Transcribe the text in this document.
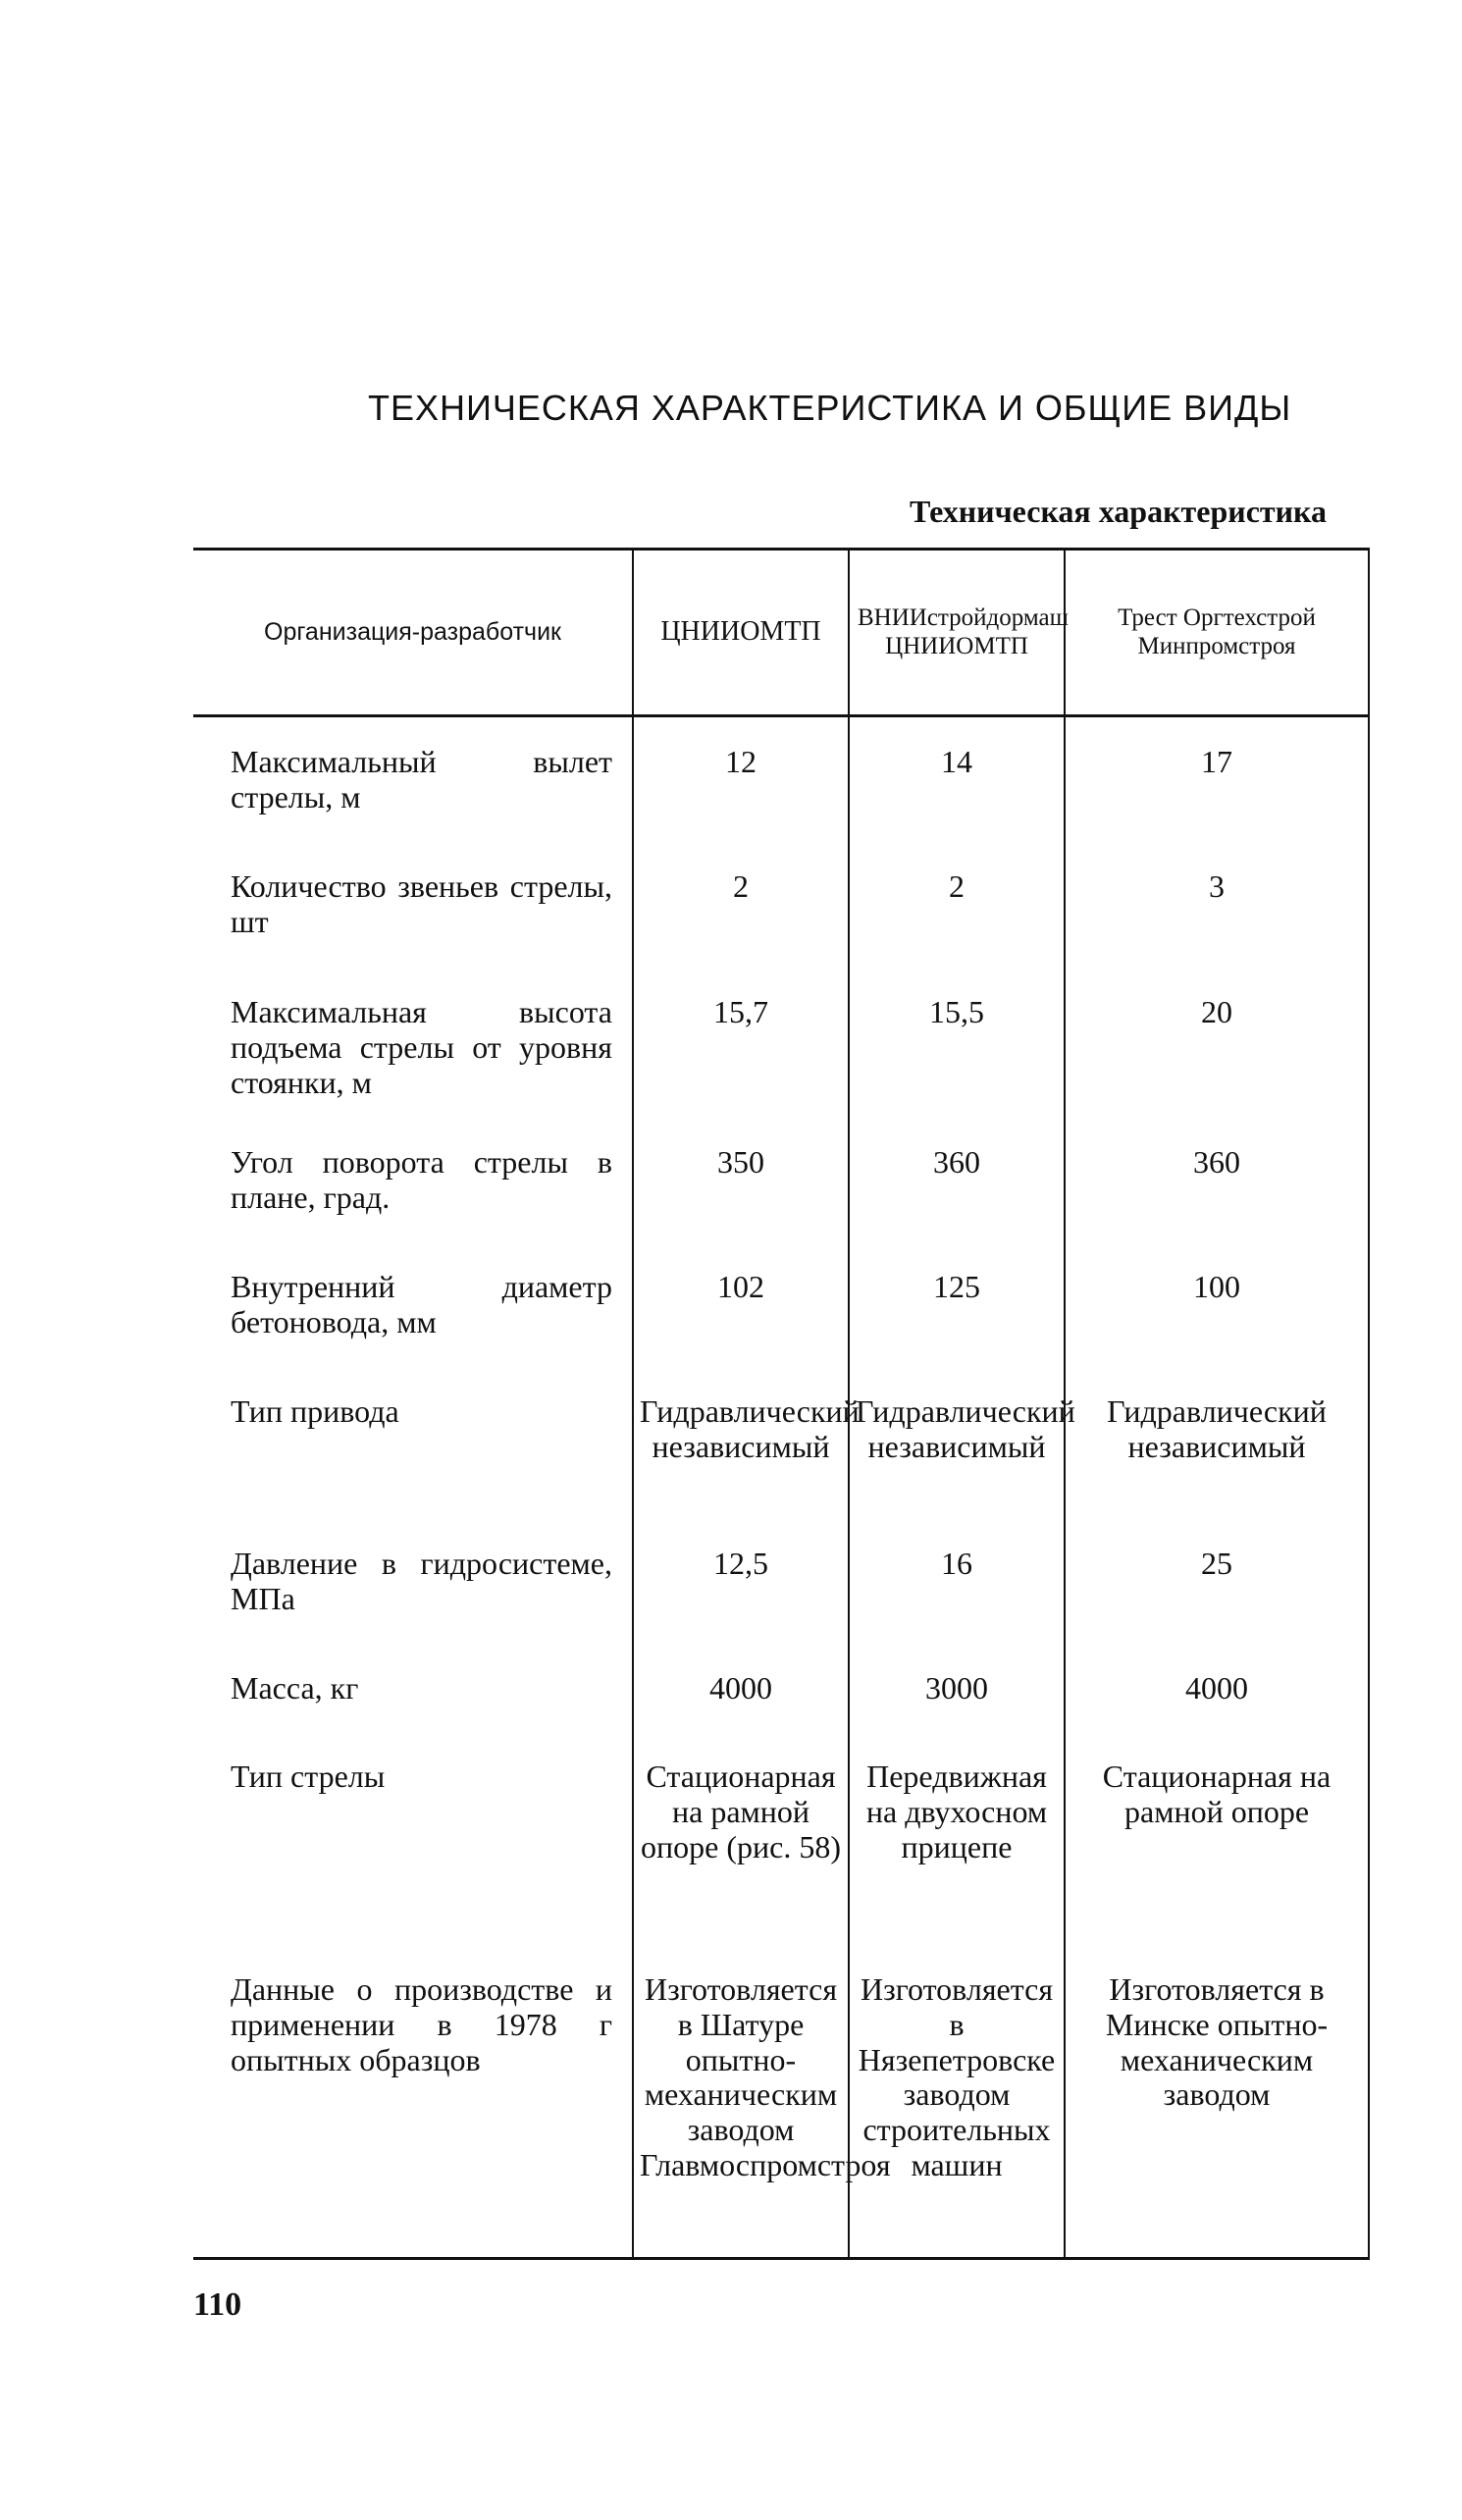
ТЕХНИЧЕСКАЯ ХАРАКТЕРИСТИКА И ОБЩИЕ ВИДЫ
Техническая характеристика
Организация-разработчик	ЦНИИОМТП	ВНИИстройдормаш ЦНИИОМТП	Трест Оргтехстрой Минпромстроя

Максимальный вылет стрелы, м	12	14	17
Количество звеньев стрелы, шт	2	2	3
Максимальная высота подъема стрелы от уровня стоянки, м	15,7	15,5	20
Угол поворота стрелы в плане, град.	350	360	360
Внутренний диаметр бетоновода, мм	102	125	100
Тип привода	Гидравлический независимый	Гидравлический независимый	Гидравлический независимый
Давление в гидросистеме, МПа	12,5	16	25
Масса, кг	4000	3000	4000
Тип стрелы	Стационарная на рамной опоре (рис. 58)	Передвижная на двухосном прицепе	Стационарная на рамной опоре
Данные о производстве и применении в 1978 г опытных образцов	Изготовляется в Шатуре опытно-механическим заводом Главмоспромстроя	Изготовляется в Нязепетровске заводом строительных машин	Изготовляется в Минске опытно-механическим заводом
110
